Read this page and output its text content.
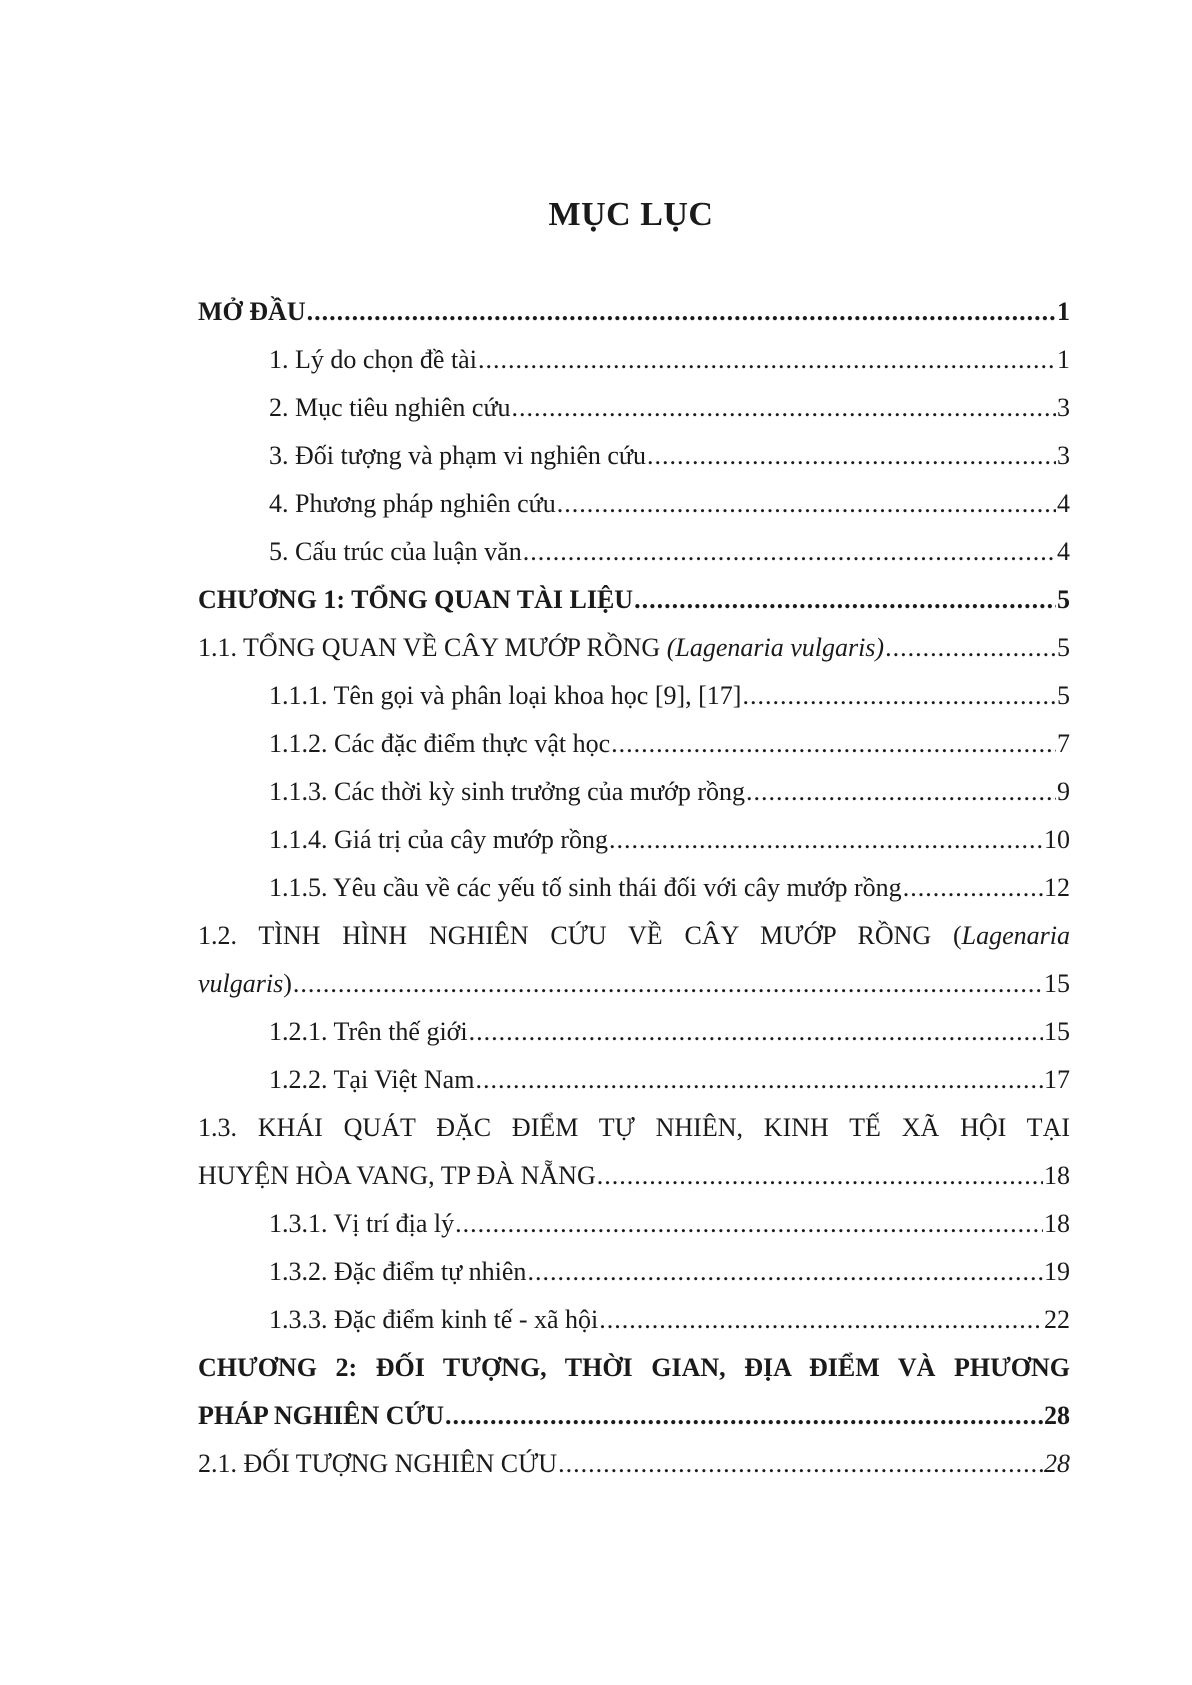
MỤC LỤC
MỞ ĐẦU .....	1
1. Lý do chọn đề tài .....	1
2. Mục tiêu nghiên cứu .....	3
3. Đối tượng và phạm vi nghiên cứu .....	3
4. Phương pháp nghiên cứu .....	4
5. Cấu trúc của luận văn .....	4
CHƯƠNG 1: TỔNG QUAN TÀI LIỆU .....	5
1.1. TỔNG QUAN VỀ CÂY MƯỚP RỒNG (Lagenaria vulgaris) .....	5
1.1.1. Tên gọi và phân loại khoa học [9], [17] .....	5
1.1.2. Các đặc điểm thực vật học .....	7
1.1.3. Các thời kỳ sinh trưởng của mướp rồng .....	9
1.1.4. Giá trị của cây mướp rồng .....	10
1.1.5. Yêu cầu về các yếu tố sinh thái đối với cây mướp rồng .....	12
1.2. TÌNH HÌNH NGHIÊN CỨU VỀ CÂY MƯỚP RỒNG (Lagenaria
vulgaris) .....	15
1.2.1. Trên thế giới .....	15
1.2.2. Tại Việt Nam .....	17
1.3. KHÁI QUÁT ĐẶC ĐIỂM TỰ NHIÊN, KINH TẾ XÃ HỘI TẠI
HUYỆN HÒA VANG, TP ĐÀ NẴNG .....	18
1.3.1. Vị trí địa lý .....	18
1.3.2. Đặc điểm tự nhiên .....	19
1.3.3. Đặc điểm kinh tế - xã hội .....	22
CHƯƠNG 2: ĐỐI TƯỢNG, THỜI GIAN, ĐỊA ĐIỂM VÀ PHƯƠNG
PHÁP NGHIÊN CỨU .....	28
2.1. ĐỐI TƯỢNG NGHIÊN CỨU .....	28
